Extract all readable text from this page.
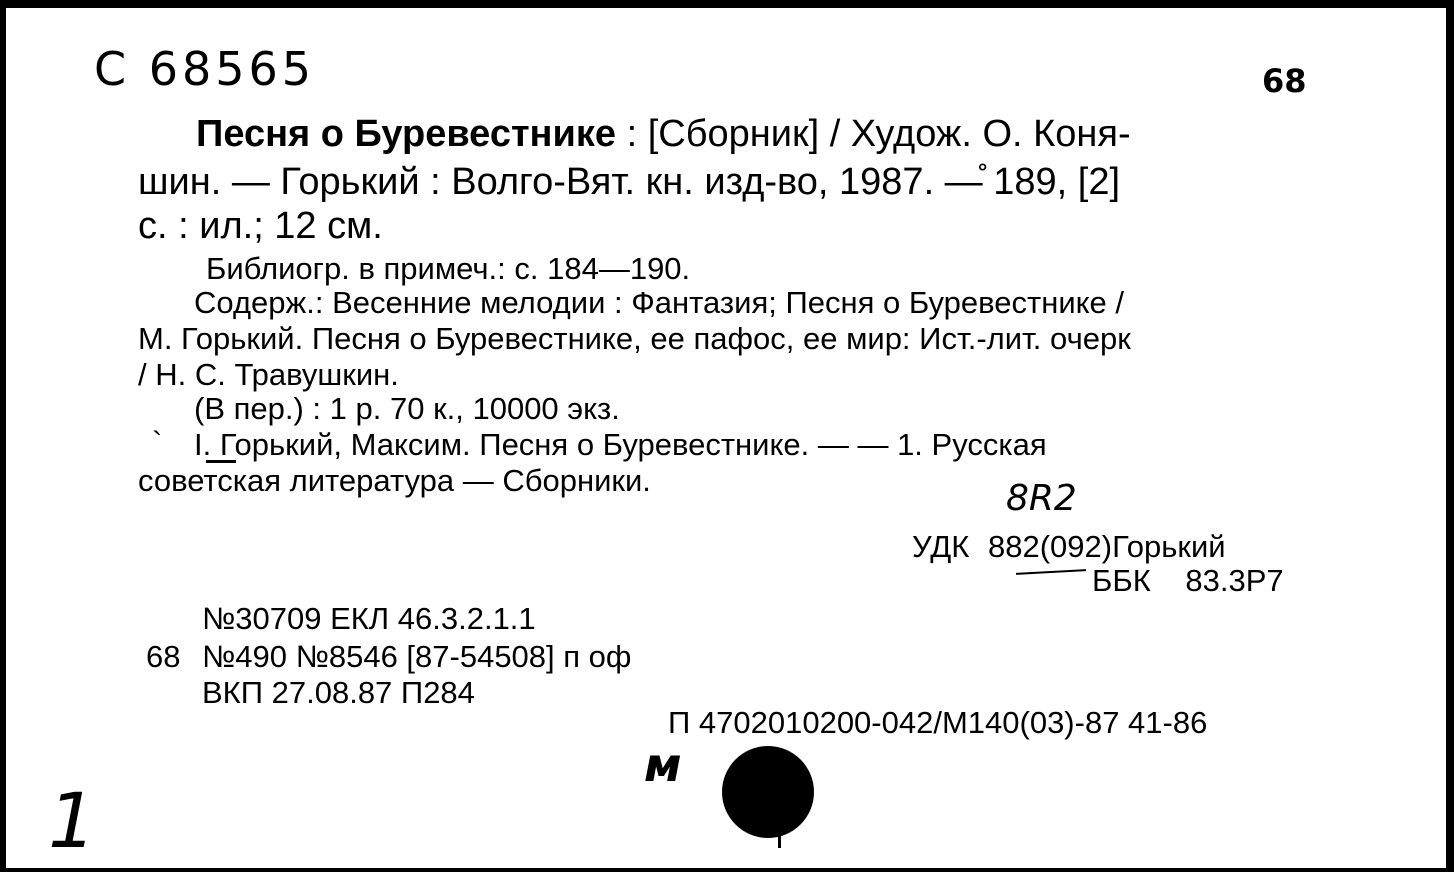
С 68565	68
Песня о Буревестнике : [Сборник] / Худож. О. Коня-
шин. — Горький : Волго-Вят. кн. изд-во, 1987. —̊ 189, [2]
с. : ил.; 12 см.
Библиогр. в примеч.: с. 184—190.
Содерж.: Весенние мелодии : Фантазия; Песня о Буревестнике /
М. Горький. Песня о Буревестнике, ее пафос, ее мир: Ист.-лит. очерк
/ Н. С. Травушкин.
(В пер.) : 1 р. 70 к., 10000 экз.
` I. Горький, Максим. Песня о Буревестнике. — — 1. Русская
советская литература — Сборники.	8R2
УДК 882(092)Горький
ББК 83.3Р7
№30709 ЕКЛ 46.3.2.1.1
68 №490 №8546 [87-54508] п оф
ВКП 27.08.87 П284
П 4702010200-042/М140(03)-87 41-86
м
1
